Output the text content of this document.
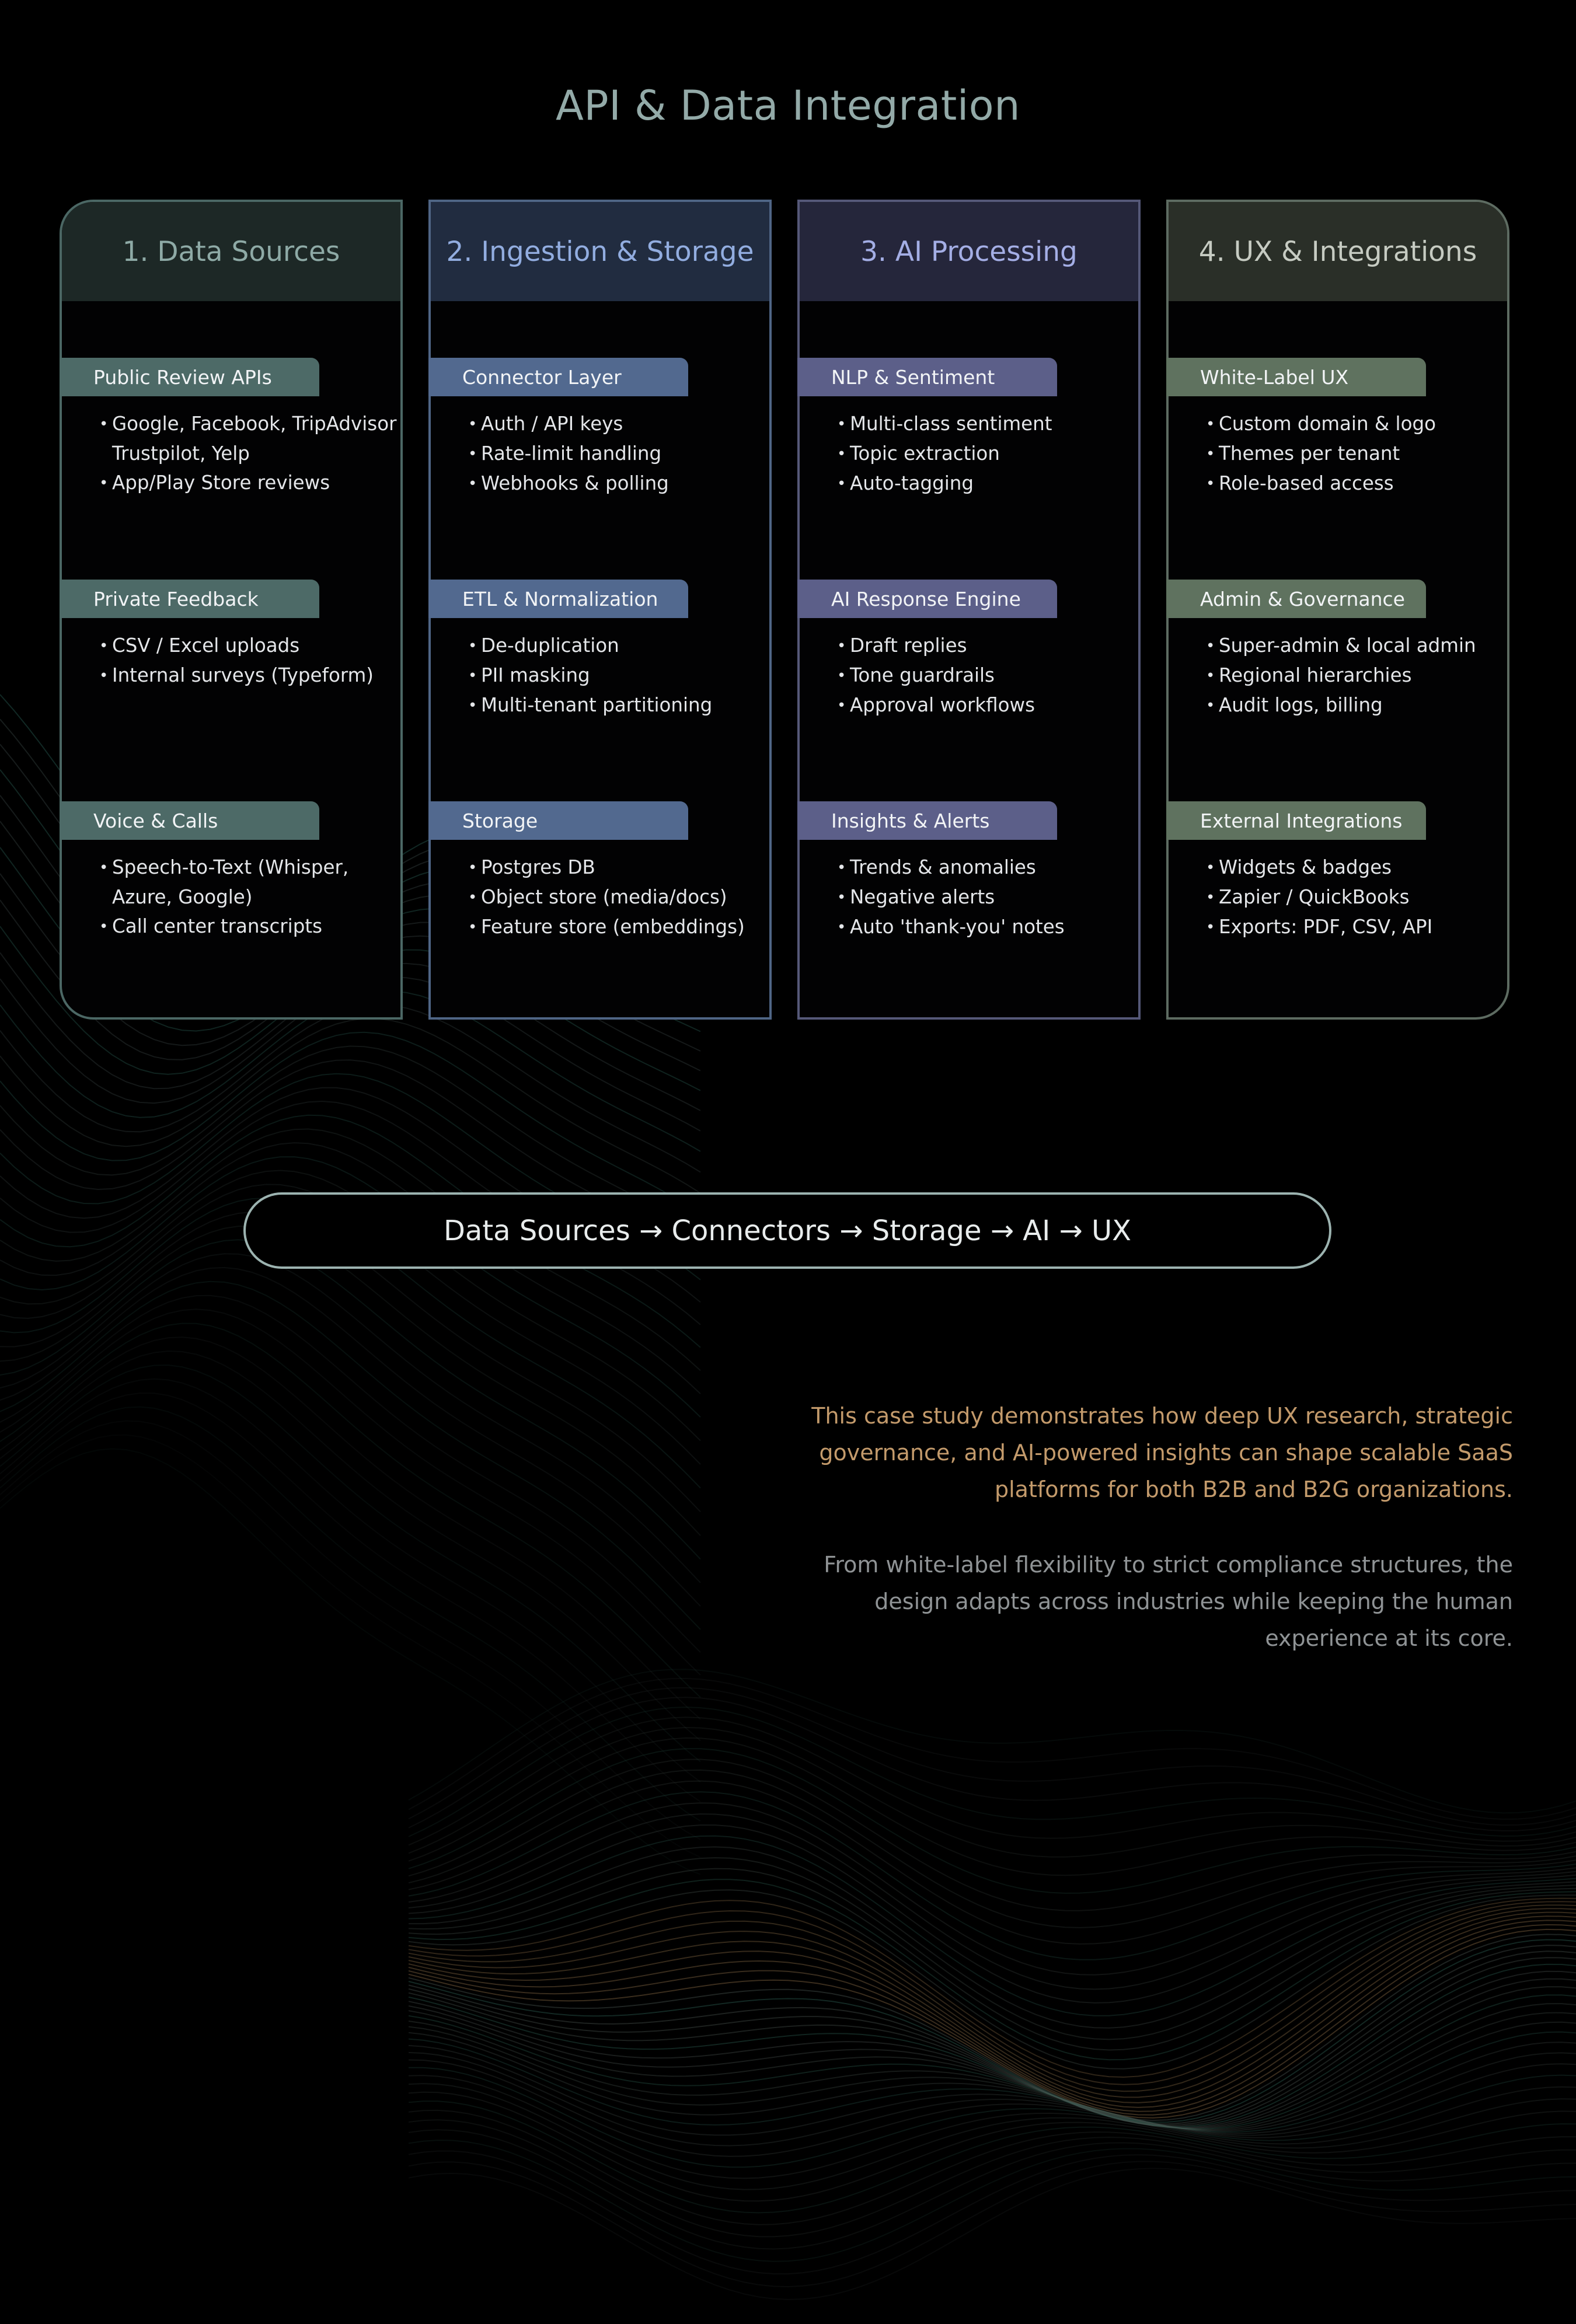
API & Data Integration
1. Data Sources
Public Review APIs
• Google, Facebook, TripAdvisor Trustpilot, Yelp
• App/Play Store reviews
Private Feedback
• CSV / Excel uploads
• Internal surveys (Typeform)
Voice & Calls
• Speech-to-Text (Whisper, Azure, Google)
• Call center transcripts
2. Ingestion & Storage
Connector Layer
• Auth / API keys
• Rate-limit handling
• Webhooks & polling
ETL & Normalization
• De-duplication
• PII masking
• Multi-tenant partitioning
Storage
• Postgres DB
• Object store (media/docs)
• Feature store (embeddings)
3. AI Processing
NLP & Sentiment
• Multi-class sentiment
• Topic extraction
• Auto-tagging
AI Response Engine
• Draft replies
• Tone guardrails
• Approval workflows
Insights & Alerts
• Trends & anomalies
• Negative alerts
• Auto 'thank-you' notes
4. UX & Integrations
White-Label UX
• Custom domain & logo
• Themes per tenant
• Role-based access
Admin & Governance
• Super-admin & local admin
• Regional hierarchies
• Audit logs, billing
External Integrations
• Widgets & badges
• Zapier / QuickBooks
• Exports: PDF, CSV, API
Data Sources → Connectors → Storage → AI → UX
This case study demonstrates how deep UX research, strategic governance, and AI-powered insights can shape scalable SaaS platforms for both B2B and B2G organizations.
From white-label flexibility to strict compliance structures, the design adapts across industries while keeping the human experience at its core.
